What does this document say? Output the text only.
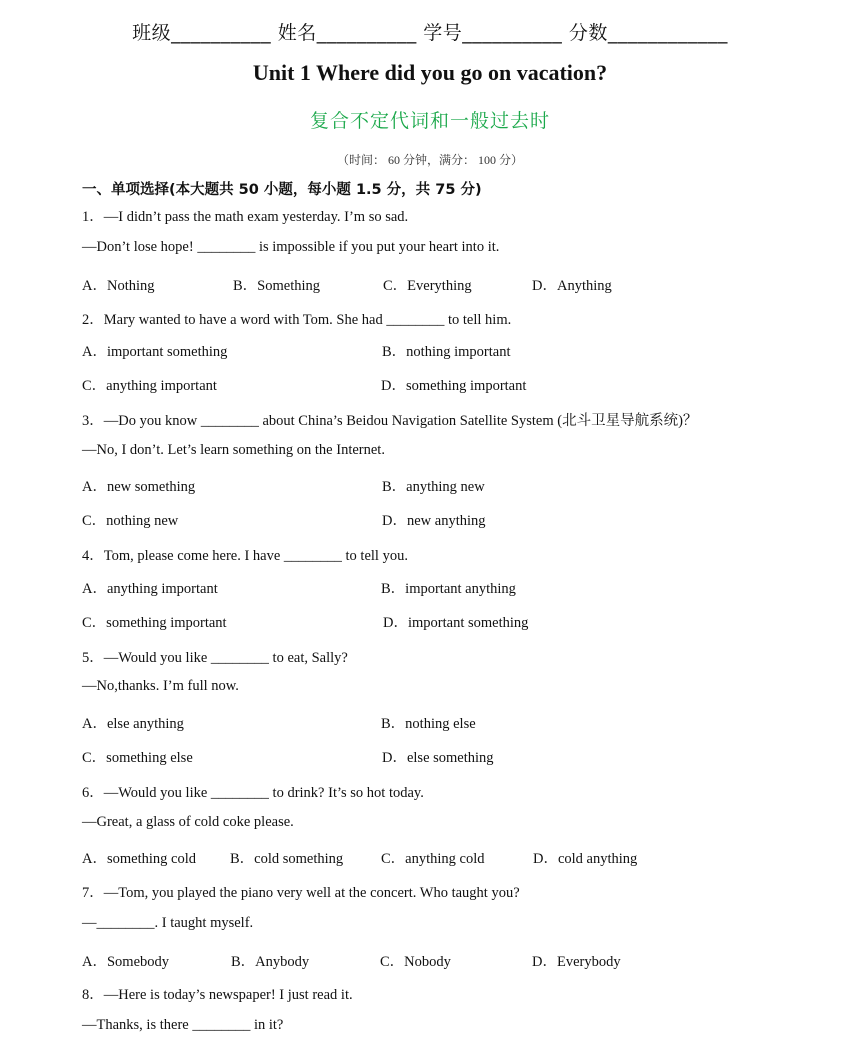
班级__________ 姓名__________ 学号__________ 分数____________
Unit 1 Where did you go on vacation?
复合不定代词和一般过去时
（时间： 60 分钟，满分： 100 分）
一、单项选择(本大题共 50 小题，每小题 1.5 分，共 75 分)
1．—I didn’t pass the math exam yesterday. I’m so sad.
—Don’t lose hope! ________ is impossible if you put your heart into it.
A．Nothing	B．Something	C．Everything	D．Anything
2．Mary wanted to have a word with Tom. She had ________ to tell him.
A．important something	B．nothing important
C．anything important	D．something important
3．—Do you know ________ about China’s Beidou Navigation Satellite System (北斗卫星导航系统)？
—No, I don’t. Let’s learn something on the Internet.
A．new something	B．anything new
C．nothing new	D．new anything
4．Tom, please come here. I have ________ to tell you.
A．anything important	B．important anything
C．something important	D．important something
5．—Would you like ________ to eat, Sally?
—No,thanks. I’m full now.
A．else anything	B．nothing else
C．something else	D．else something
6．—Would you like ________ to drink? It’s so hot today.
—Great, a glass of cold coke please.
A．something cold B．cold something	C．anything cold	D．cold anything
7．—Tom, you played the piano very well at the concert. Who taught you?
—________. I taught myself.
A．Somebody	B．Anybody	C．Nobody	D．Everybody
8．—Here is today’s newspaper! I just read it.
—Thanks, is there ________ in it?
